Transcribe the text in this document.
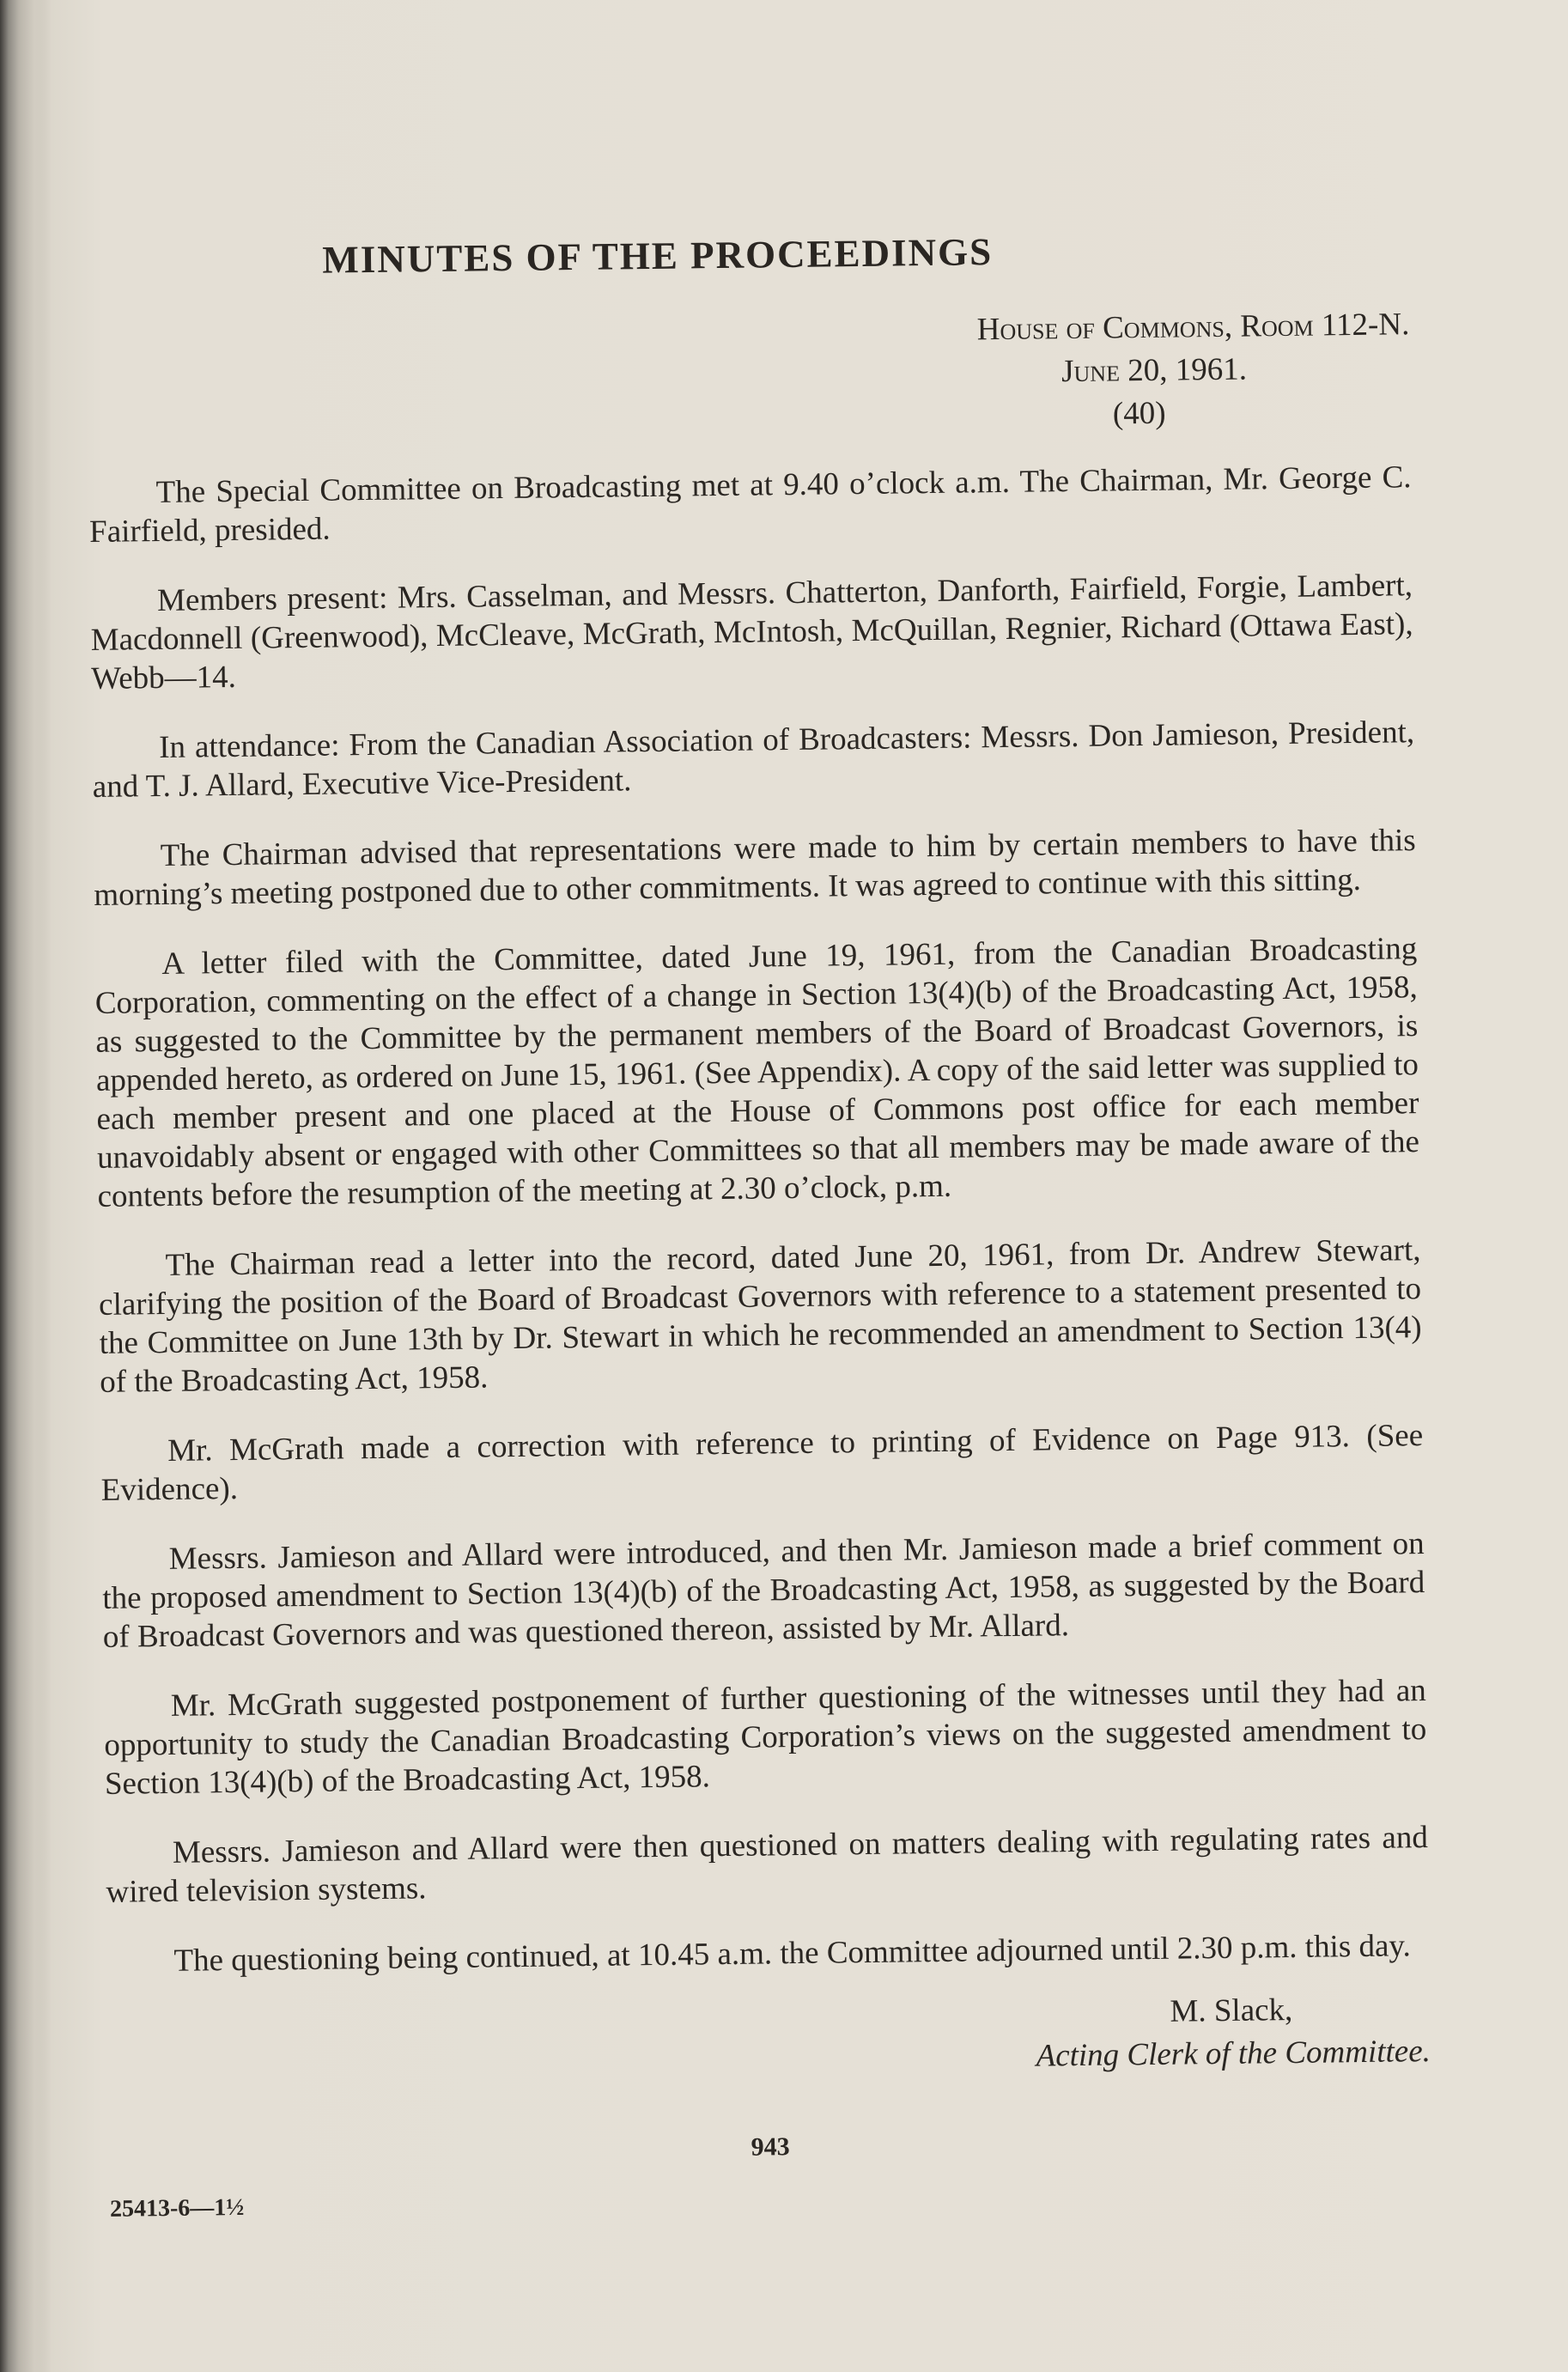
MINUTES OF THE PROCEEDINGS
House of Commons, Room 112-N.
June 20, 1961.
(40)

The Special Committee on Broadcasting met at 9.40 o’clock a.m. The Chairman, Mr. George C. Fairfield, presided.

Members present: Mrs. Casselman, and Messrs. Chatterton, Danforth, Fairfield, Forgie, Lambert, Macdonnell (Greenwood), McCleave, McGrath, McIntosh, McQuillan, Regnier, Richard (Ottawa East), Webb—14.

In attendance: From the Canadian Association of Broadcasters: Messrs. Don Jamieson, President, and T. J. Allard, Executive Vice-President.

The Chairman advised that representations were made to him by certain members to have this morning’s meeting postponed due to other commitments. It was agreed to continue with this sitting.

A letter filed with the Committee, dated June 19, 1961, from the Canadian Broadcasting Corporation, commenting on the effect of a change in Section 13(4)(b) of the Broadcasting Act, 1958, as suggested to the Committee by the permanent members of the Board of Broadcast Governors, is appended hereto, as ordered on June 15, 1961. (See Appendix). A copy of the said letter was supplied to each member present and one placed at the House of Commons post office for each member unavoidably absent or engaged with other Committees so that all members may be made aware of the contents before the resumption of the meeting at 2.30 o’clock, p.m.

The Chairman read a letter into the record, dated June 20, 1961, from Dr. Andrew Stewart, clarifying the position of the Board of Broadcast Governors with reference to a statement presented to the Committee on June 13th by Dr. Stewart in which he recommended an amendment to Section 13(4) of the Broadcasting Act, 1958.

Mr. McGrath made a correction with reference to printing of Evidence on Page 913. (See Evidence).

Messrs. Jamieson and Allard were introduced, and then Mr. Jamieson made a brief comment on the proposed amendment to Section 13(4)(b) of the Broadcasting Act, 1958, as suggested by the Board of Broadcast Governors and was questioned thereon, assisted by Mr. Allard.

Mr. McGrath suggested postponement of further questioning of the witnesses until they had an opportunity to study the Canadian Broadcasting Corporation’s views on the suggested amendment to Section 13(4)(b) of the Broadcasting Act, 1958.

Messrs. Jamieson and Allard were then questioned on matters dealing with regulating rates and wired television systems.

The questioning being continued, at 10.45 a.m. the Committee adjourned until 2.30 p.m. this day.

M. Slack,
Acting Clerk of the Committee.
943
25413-6—1½
